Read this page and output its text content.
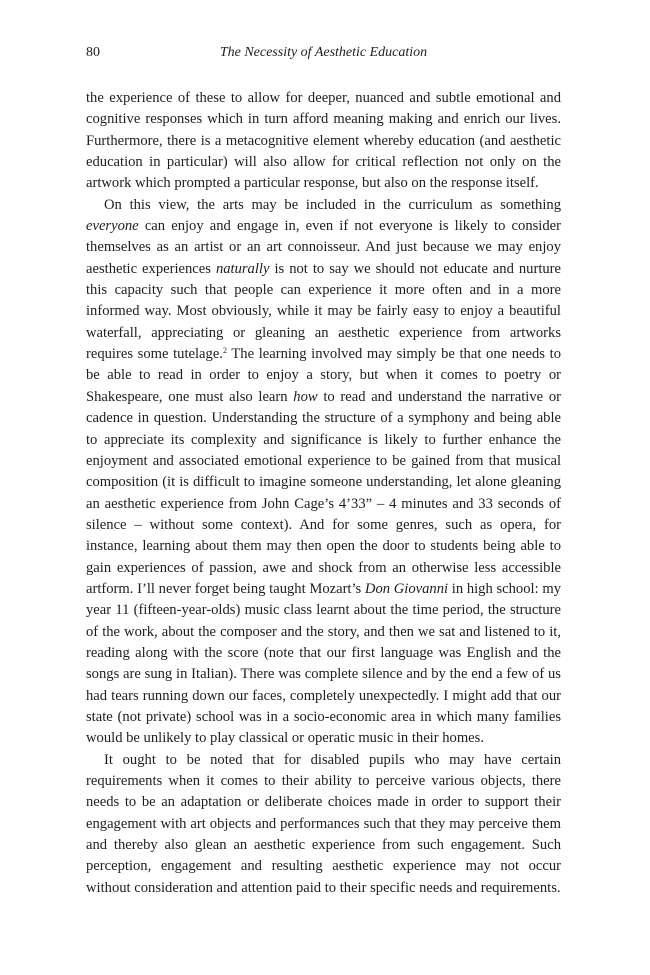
80	The Necessity of Aesthetic Education

the experience of these to allow for deeper, nuanced and subtle emotional and cognitive responses which in turn afford meaning making and enrich our lives. Furthermore, there is a metacognitive element whereby education (and aesthetic education in particular) will also allow for critical reflection not only on the artwork which prompted a particular response, but also on the response itself.

On this view, the arts may be included in the curriculum as something everyone can enjoy and engage in, even if not everyone is likely to consider themselves as an artist or an art connoisseur. And just because we may enjoy aesthetic experiences naturally is not to say we should not educate and nurture this capacity such that people can experience it more often and in a more informed way. Most obviously, while it may be fairly easy to enjoy a beautiful waterfall, appreciating or gleaning an aesthetic experience from artworks requires some tutelage.$^2$ The learning involved may simply be that one needs to be able to read in order to enjoy a story, but when it comes to poetry or Shakespeare, one must also learn how to read and understand the narrative or cadence in question. Understanding the structure of a symphony and being able to appreciate its complexity and significance is likely to further enhance the enjoyment and associated emotional experience to be gained from that musical composition (it is difficult to imagine someone understanding, let alone gleaning an aesthetic experience from John Cage’s 4’33” – 4 minutes and 33 seconds of silence – without some context). And for some genres, such as opera, for instance, learning about them may then open the door to students being able to gain experiences of passion, awe and shock from an otherwise less accessible artform. I’ll never forget being taught Mozart’s Don Giovanni in high school: my year 11 (fifteen-year-olds) music class learnt about the time period, the structure of the work, about the composer and the story, and then we sat and listened to it, reading along with the score (note that our first language was English and the songs are sung in Italian). There was complete silence and by the end a few of us had tears running down our faces, completely unexpectedly. I might add that our state (not private) school was in a socio-economic area in which many families would be unlikely to play classical or operatic music in their homes.

It ought to be noted that for disabled pupils who may have certain requirements when it comes to their ability to perceive various objects, there needs to be an adaptation or deliberate choices made in order to support their engagement with art objects and performances such that they may perceive them and thereby also glean an aesthetic experience from such engagement. Such perception, engagement and resulting aesthetic experience may not occur without consideration and attention paid to their specific needs and requirements.
